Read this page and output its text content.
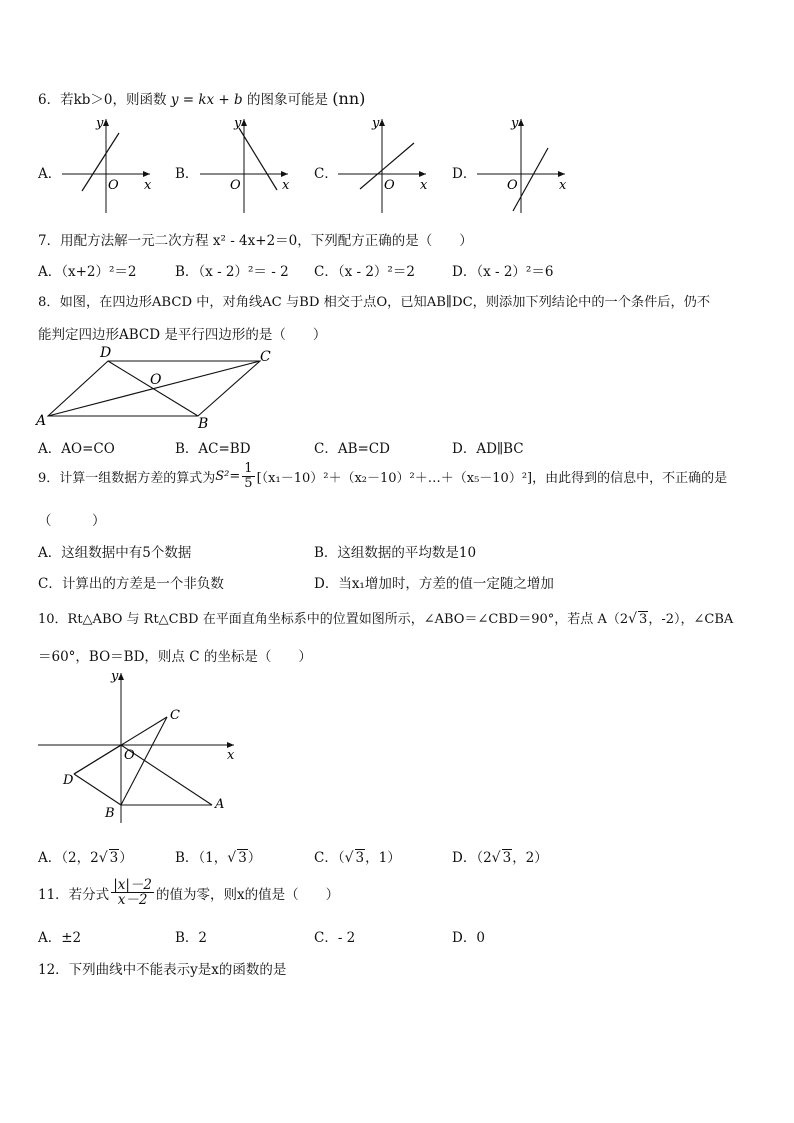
6．若kb＞0，则函数 y = kx + b 的图象可能是 (nn)
A．
y
x
O
B．
y
x
O
C．
y
x
O
D．
y
x
O
7．用配方法解一元二次方程 x² - 4x+2＝0，下列配方正确的是（　　）
A．（x+2）²＝2	B．（x - 2）²＝ - 2 C．（x - 2）²＝2	D．（x - 2）²＝6
8．如图，在四边形ABCD 中，对角线AC 与BD 相交于点O，已知AB∥DC，则添加下列结论中的一个条件后，仍不
能判定四边形ABCD 是平行四边形的是（　　）
D	C
O
A	B
A．AO=CO	B．AC=BD	C．AB=CD	D．AD∥BC
9．计算一组数据方差的算式为 $S^2= \frac{1}{5}$ [（x₁－10）²＋（x₂－10）²＋…＋（x₅－10）²]，由此得到的信息中，不正确的是
（　　　）
A．这组数据中有5个数据	B．这组数据的平均数是10
C．计算出的方差是一个非负数	D．当x₁增加时，方差的值一定随之增加
10．Rt△ABO 与 Rt△CBD 在平面直角坐标系中的位置如图所示，∠ABO＝∠CBD＝90°，若点 A（2√ 3，-2），∠CBA
＝60°，BO＝BD，则点 C 的坐标是（　　）
y
x
O
C
D
B
A
A．（2，2√ 3）	B．（1，√ 3）	C．（√ 3，1）	D．（2√ 3，2）
11．若分式 $\frac{|x|-2}{x-2}$ 的值为零，则x的值是（　　）
A．±2	B．2	C．- 2	D．0
12．下列曲线中不能表示y是x的函数的是
